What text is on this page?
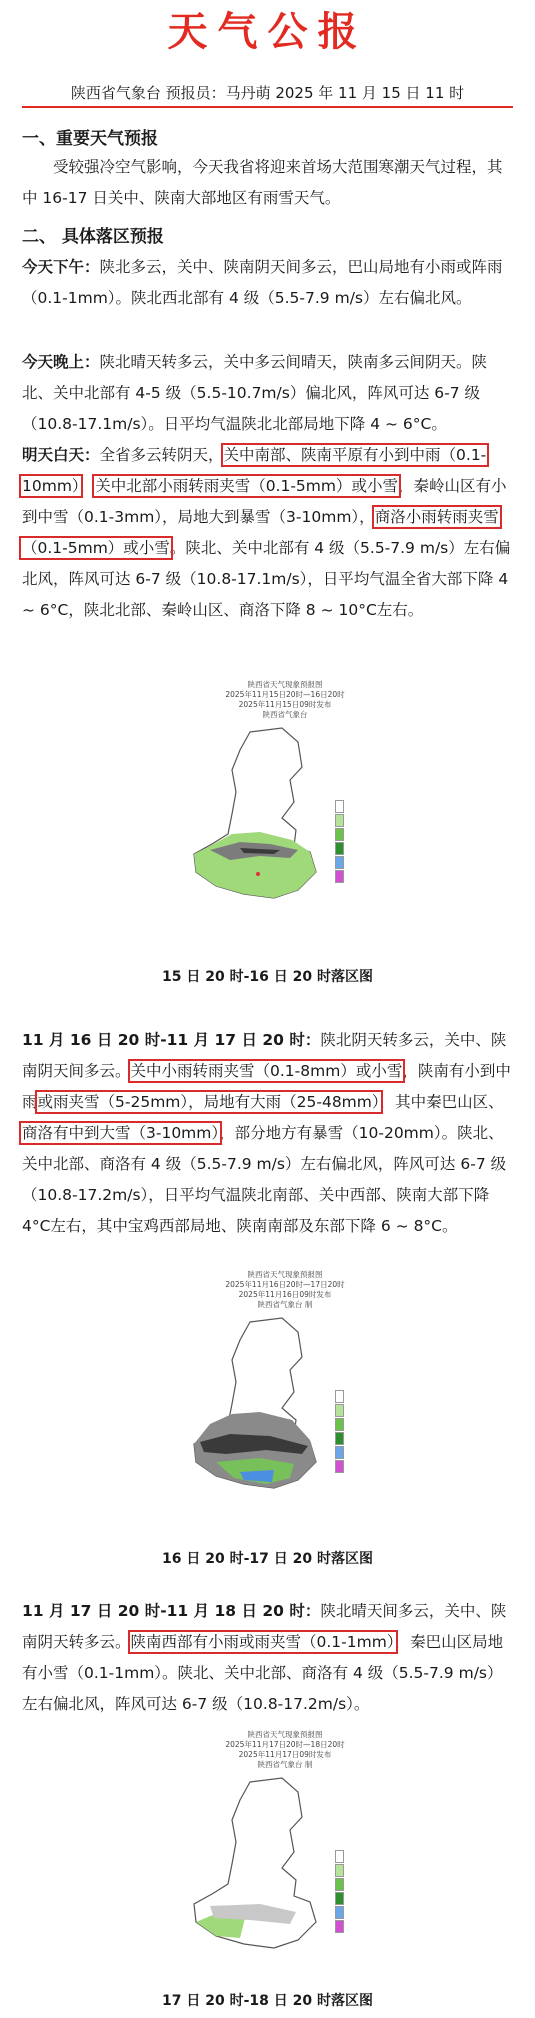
天气公报
陕西省气象台 预报员：马丹萌 2025 年 11 月 15 日 11 时
一、重要天气预报
受较强冷空气影响，今天我省将迎来首场大范围寒潮天气过程，其中 16-17 日关中、陕南大部地区有雨雪天气。
二、 具体落区预报
今天下午：陕北多云，关中、陕南阴天间多云，巴山局地有小雨或阵雨（0.1-1mm）。陕北西北部有 4 级（5.5-7.9 m/s）左右偏北风。
今天晚上：陕北晴天转多云，关中多云间晴天，陕南多云间阴天。陕北、关中北部有 4-5 级（5.5-10.7m/s）偏北风，阵风可达 6-7 级（10.8-17.1m/s）。日平均气温陕北北部局地下降 4 ~ 6°C。
明天白天：全省多云转阴天，关中南部、陕南平原有小到中雨（0.1-10mm），关中北部小雨转雨夹雪（0.1-5mm）或小雪，秦岭山区有小到中雪（0.1-3mm），局地大到暴雪（3-10mm），商洛小雨转雨夹雪（0.1-5mm）或小雪。陕北、关中北部有 4 级（5.5-7.9 m/s）左右偏北风，阵风可达 6-7 级（10.8-17.1m/s），日平均气温全省大部下降 4 ~ 6°C，陕北北部、秦岭山区、商洛下降 8 ~ 10°C左右。
陕西省天气现象预报图
2025年11月15日20时—16日20时
2025年11月15日09时发布
陕西省气象台
15 日 20 时-16 日 20 时落区图
11 月 16 日 20 时-11 月 17 日 20 时：陕北阴天转多云，关中、陕南阴天间多云。关中小雨转雨夹雪（0.1-8mm）或小雪，陕南有小到中雨或雨夹雪（5-25mm），局地有大雨（25-48mm），其中秦巴山区、商洛有中到大雪（3-10mm），部分地方有暴雪（10-20mm）。陕北、关中北部、商洛有 4 级（5.5-7.9 m/s）左右偏北风，阵风可达 6-7 级（10.8-17.2m/s），日平均气温陕北南部、关中西部、陕南大部下降 4°C左右，其中宝鸡西部局地、陕南南部及东部下降 6 ~ 8°C。
陕西省天气现象预报图
2025年11月16日20时—17日20时
2025年11月16日09时发布
陕西省气象台 制
16 日 20 时-17 日 20 时落区图
11 月 17 日 20 时-11 月 18 日 20 时：陕北晴天间多云，关中、陕南阴天转多云。陕南西部有小雨或雨夹雪（0.1-1mm），秦巴山区局地有小雪（0.1-1mm）。陕北、关中北部、商洛有 4 级（5.5-7.9 m/s）左右偏北风，阵风可达 6-7 级（10.8-17.2m/s）。
陕西省天气现象预报图
2025年11月17日20时—18日20时
2025年11月17日09时发布
陕西省气象台 制
17 日 20 时-18 日 20 时落区图
